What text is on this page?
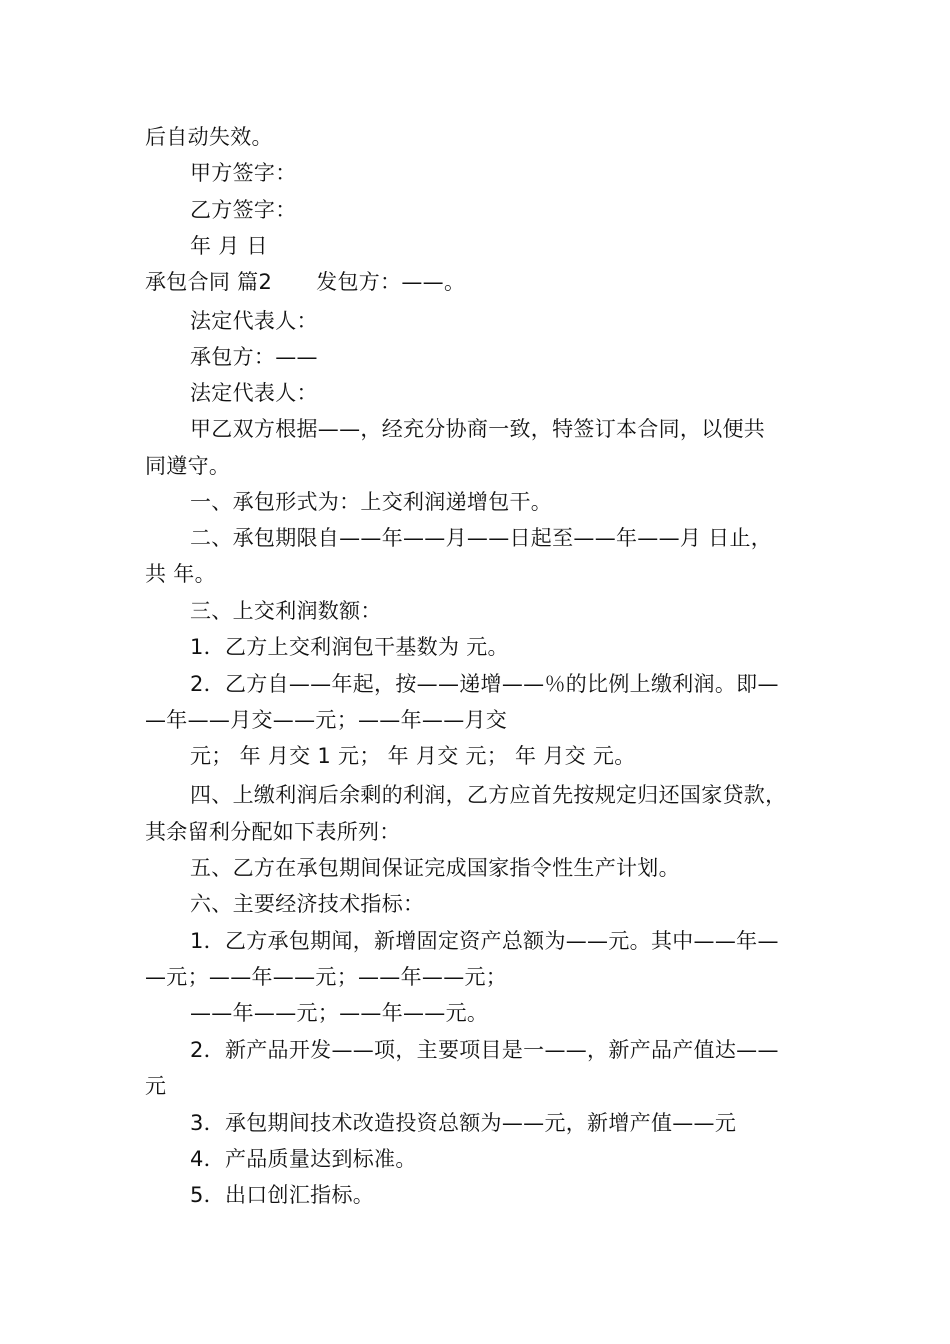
后自动失效。
甲方签字：
乙方签字：
年 月 日
承包合同 篇2 发包方：——。
法定代表人：
承包方：——
法定代表人：
甲乙双方根据——，经充分协商一致，特签订本合同，以便共
同遵守。
一、承包形式为：上交利润递增包干。
二、承包期限自——年——月——日起至——年——月 日止，
共 年。
三、上交利润数额：
1．乙方上交利润包干基数为 元。
2．乙方自——年起，按——递增——％的比例上缴利润。即—
—年——月交——元；——年——月交
元； 年 月交 1 元； 年 月交 元； 年 月交 元。
四、上缴利润后余剩的利润，乙方应首先按规定归还国家贷款，
其余留利分配如下表所列：
五、乙方在承包期间保证完成国家指令性生产计划。
六、主要经济技术指标：
1．乙方承包期闻，新增固定资产总额为——元。其中——年—
—元；——年——元；——年——元；
——年——元；——年——元。
2．新产品开发——项，主要项目是一——，新产品产值达——
元
3．承包期间技术改造投资总额为——元，新增产值——元
4．产品质量达到标准。
5．出口创汇指标。
